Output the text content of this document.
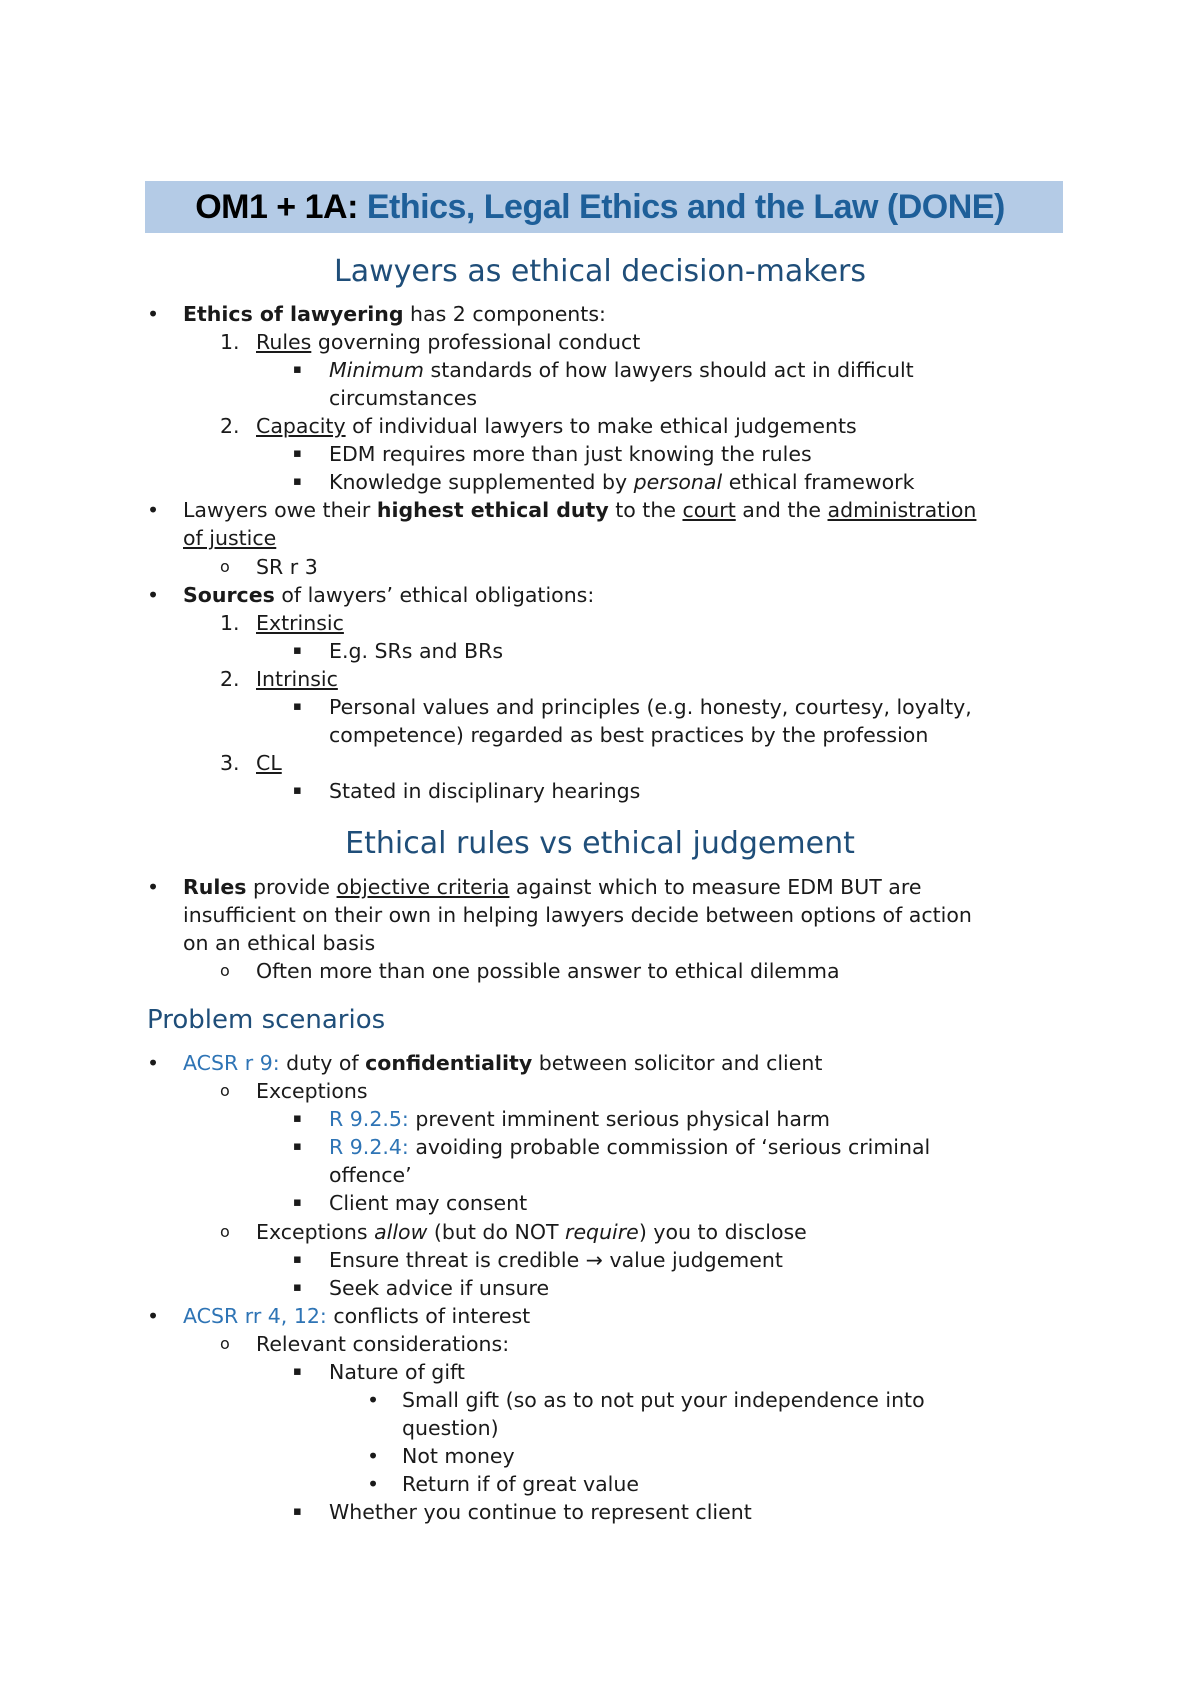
OM1 + 1A: Ethics, Legal Ethics and the Law (DONE)
Lawyers as ethical decision-makers
Ethical rules vs ethical judgement
Problem scenarios
• Ethics of lawyering has 2 components:
1. Rules governing professional conduct
▪ Minimum standards of how lawyers should act in difficult
circumstances
2. Capacity of individual lawyers to make ethical judgements
▪ EDM requires more than just knowing the rules
▪ Knowledge supplemented by personal ethical framework
• Lawyers owe their highest ethical duty to the court and the administration
of justice
o SR r 3
• Sources of lawyers’ ethical obligations:
1. Extrinsic
▪ E.g. SRs and BRs
2. Intrinsic
▪ Personal values and principles (e.g. honesty, courtesy, loyalty,
competence) regarded as best practices by the profession
3. CL
▪ Stated in disciplinary hearings
• Rules provide objective criteria against which to measure EDM BUT are
insufficient on their own in helping lawyers decide between options of action
on an ethical basis
o Often more than one possible answer to ethical dilemma
• ACSR r 9: duty of confidentiality between solicitor and client
o Exceptions
▪ R 9.2.5: prevent imminent serious physical harm
▪ R 9.2.4: avoiding probable commission of ‘serious criminal
offence’
▪ Client may consent
o Exceptions allow (but do NOT require) you to disclose
▪ Ensure threat is credible → value judgement
▪ Seek advice if unsure
• ACSR rr 4, 12: conflicts of interest
o Relevant considerations:
▪ Nature of gift
• Small gift (so as to not put your independence into
question)
• Not money
• Return if of great value
▪ Whether you continue to represent client
